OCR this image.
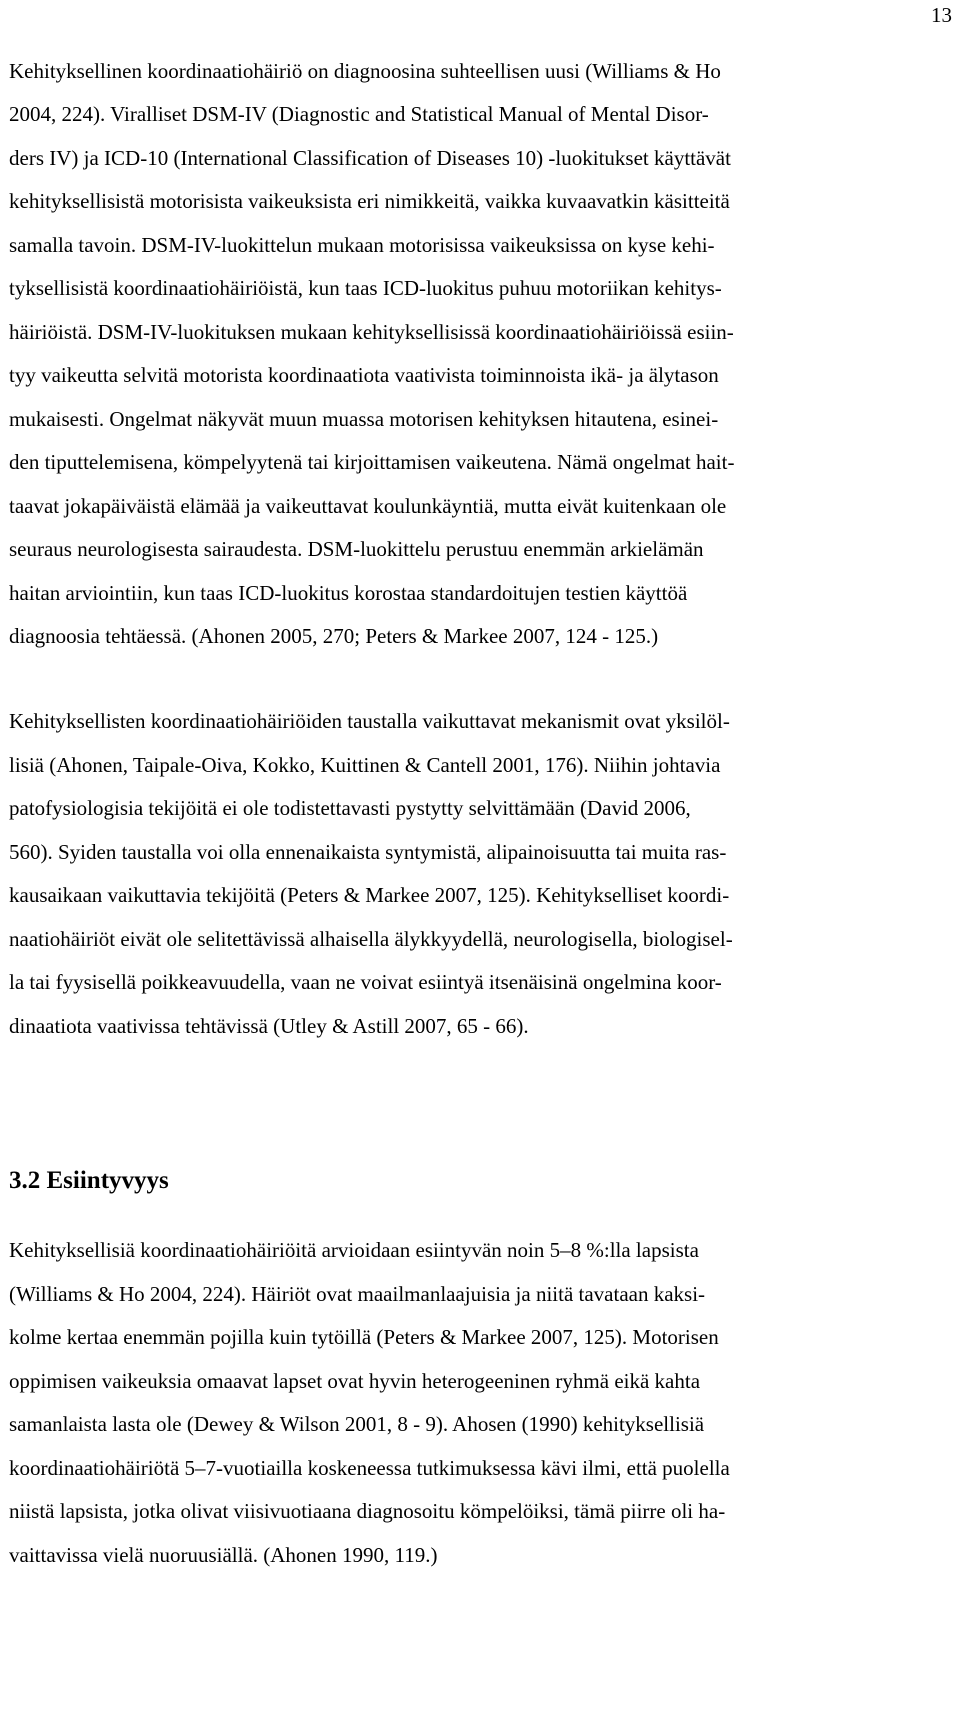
13
Kehityksellinen koordinaatiohäiriö on diagnoosina suhteellisen uusi (Williams & Ho
2004, 224). Viralliset DSM-IV (Diagnostic and Statistical Manual of Mental Disor-
ders IV) ja ICD-10 (International Classification of Diseases 10) -luokitukset käyttävät
kehityksellisistä motorisista vaikeuksista eri nimikkeitä, vaikka kuvaavatkin käsitteitä
samalla tavoin. DSM-IV-luokittelun mukaan motorisissa vaikeuksissa on kyse kehi-
tyksellisistä koordinaatiohäiriöistä, kun taas ICD-luokitus puhuu motoriikan kehitys-
häiriöistä. DSM-IV-luokituksen mukaan kehityksellisissä koordinaatiohäiriöissä esiin-
tyy vaikeutta selvitä motorista koordinaatiota vaativista toiminnoista ikä- ja älytason
mukaisesti. Ongelmat näkyvät muun muassa motorisen kehityksen hitautena, esinei-
den tiputtelemisena, kömpelyytenä tai kirjoittamisen vaikeutena. Nämä ongelmat hait-
taavat jokapäiväistä elämää ja vaikeuttavat koulunkäyntiä, mutta eivät kuitenkaan ole
seuraus neurologisesta sairaudesta. DSM-luokittelu perustuu enemmän arkielämän
haitan arviointiin, kun taas ICD-luokitus korostaa standardoitujen testien käyttöä
diagnoosia tehtäessä. (Ahonen 2005, 270; Peters & Markee 2007, 124 - 125.)
Kehityksellisten koordinaatiohäiriöiden taustalla vaikuttavat mekanismit ovat yksilöl-
lisiä (Ahonen, Taipale-Oiva, Kokko, Kuittinen & Cantell 2001, 176). Niihin johtavia
patofysiologisia tekijöitä ei ole todistettavasti pystytty selvittämään (David 2006,
560). Syiden taustalla voi olla ennenaikaista syntymistä, alipainoisuutta tai muita ras-
kausaikaan vaikuttavia tekijöitä (Peters & Markee 2007, 125). Kehitykselliset koordi-
naatiohäiriöt eivät ole selitettävissä alhaisella älykkyydellä, neurologisella, biologisel-
la tai fyysisellä poikkeavuudella, vaan ne voivat esiintyä itsenäisinä ongelmina koor-
dinaatiota vaativissa tehtävissä (Utley & Astill 2007, 65 - 66).
3.2 Esiintyvyys
Kehityksellisiä koordinaatiohäiriöitä arvioidaan esiintyvän noin 5–8 %:lla lapsista
(Williams & Ho 2004, 224). Häiriöt ovat maailmanlaajuisia ja niitä tavataan kaksi-
kolme kertaa enemmän pojilla kuin tytöillä (Peters & Markee 2007, 125). Motorisen
oppimisen vaikeuksia omaavat lapset ovat hyvin heterogeeninen ryhmä eikä kahta
samanlaista lasta ole (Dewey & Wilson 2001, 8 - 9). Ahosen (1990) kehityksellisiä
koordinaatiohäiriötä 5–7-vuotiailla koskeneessa tutkimuksessa kävi ilmi, että puolella
niistä lapsista, jotka olivat viisivuotiaana diagnosoitu kömpelöiksi, tämä piirre oli ha-
vaittavissa vielä nuoruusiällä. (Ahonen 1990, 119.)
